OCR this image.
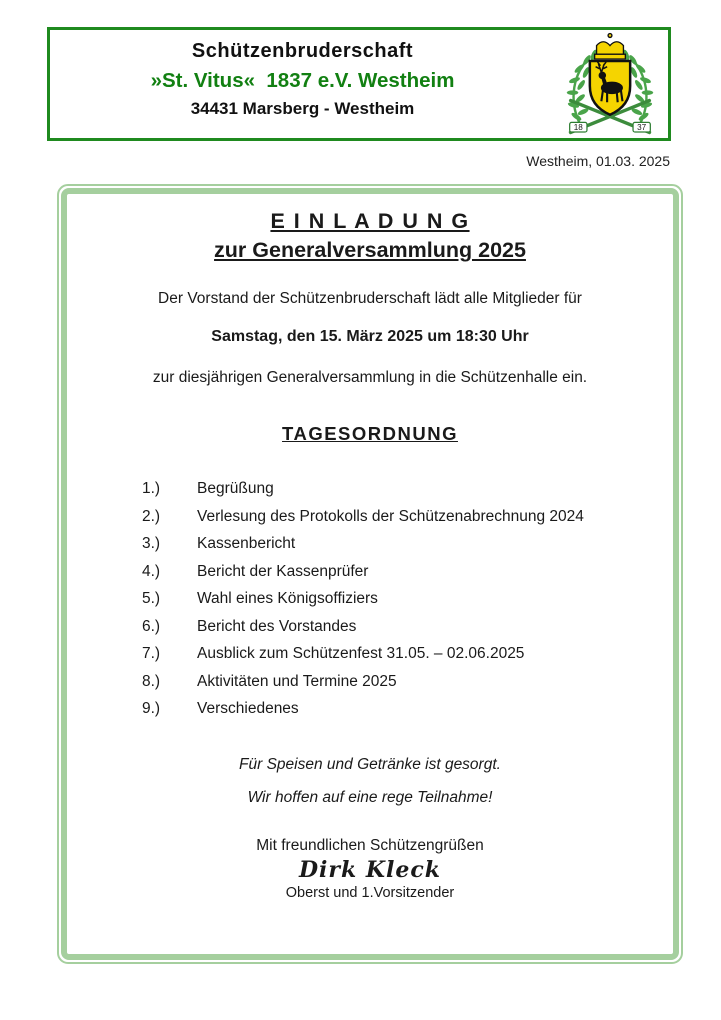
Schützenbruderschaft
»St. Vitus«  1837 e.V. Westheim
34431 Marsberg - Westheim
18	37
Westheim, 01.03. 2025
E I N L A D U N G
zur Generalversammlung 2025
Der Vorstand der Schützenbruderschaft lädt alle Mitglieder für
Samstag, den 15. März 2025 um 18:30 Uhr
zur diesjährigen Generalversammlung in die Schützenhalle ein.
TAGESORDNUNG
1.)	Begrüßung
2.)	Verlesung des Protokolls der Schützenabrechnung 2024
3.)	Kassenbericht
4.)	Bericht der Kassenprüfer
5.)	Wahl eines Königsoffiziers
6.)	Bericht des Vorstandes
7.)	Ausblick zum Schützenfest 31.05. – 02.06.2025
8.)	Aktivitäten und Termine 2025
9.)	Verschiedenes
Für Speisen und Getränke ist gesorgt.
Wir hoffen auf eine rege Teilnahme!
Mit freundlichen Schützengrüßen
Dirk Kleck
Oberst und 1.Vorsitzender
